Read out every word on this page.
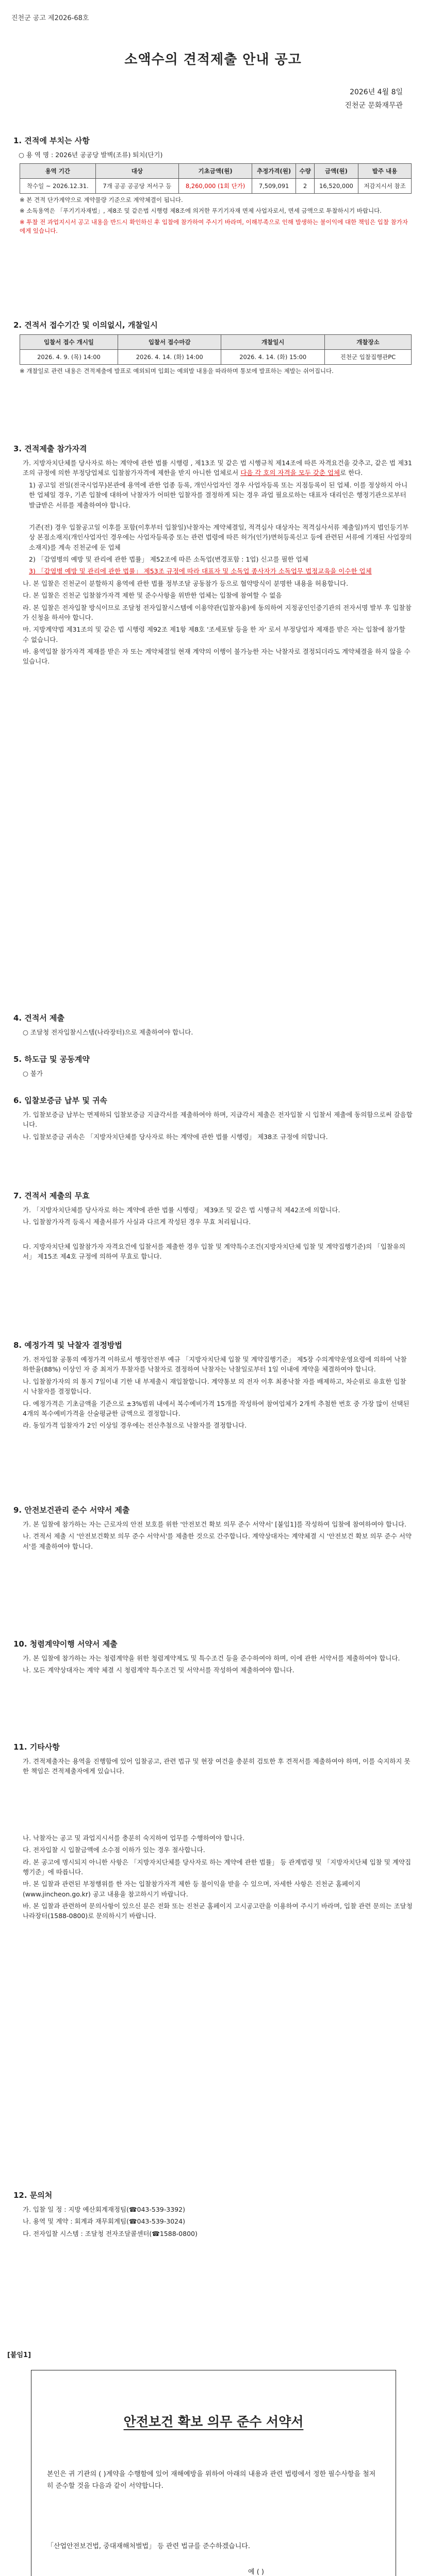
진천군 공고 제2026-68호
소액수의 견적제출 안내 공고
2026년 4월 8일
진천군 문화재무관
1. 견적에 부치는 사항
○ 용 역 명 : 2026년 공공당 발벽(조류) 퇴치(단기)
용역 기간	대상	기초금액(원)	추정가격(원)	수량	금액(원)	발주 내용
착수일 ~ 2026.12.31.	7개 공공 공공당 저서구 등	8,260,000 (1회 단가)	7,509,091	2	16,520,000	저감지시서 참조
※ 본 견적 단가계약으로 계약물량 기준으로 계약체결이 됩니다.
※ 소독용역은 「푸기기자재법」, 제8조 및 같은법 시행령 제8조에 의거한 푸기기자재 면제 사업자로서, 면세 금액으로 투찰하시기 바랍니다.
※ 투찰 전 과업지시서 공고 내용을 반드시 확인하신 후 입찰에 참가하여 주시기 바라며, 이해부족으로 인해 발생하는 불이익에 대한 책임은 입찰 참가자에게 있습니다.
2. 견적서 접수기간 및 이의없시, 개찰일시
입찰서 접수 개시일	입찰서 접수마감	개찰일시	개찰장소
2026. 4. 9. (목) 14:00	2026. 4. 14. (화) 14:00	2026. 4. 14. (화) 15:00	진천군 입찰집행관PC
※ 개찰일로 관련 내용은 견적제출에 발표로 예외되며 입회는 예외발 내용을 따라하며 통보에 발표하는 제발는 쉬어집니다.
3. 견적제출 참가자격
가. 지방자치단체를 당사자로 하는 계약에 관한 법률 시행령 , 제13조 및 같은 법 시행규칙 제14조에 따른 자격요건을 갖추고, 같은 법 제31조의 규정에 의한 부정당업체로 입찰참가자격에 제한을 받지 아니한 업체로서 다음 각 호의 자격을 모두 갖춘 업체로 한다.
1) 공고일 전일(전국시업무)본관에 용역에 관한 업종 등록, 개인사업자인 경우 사업자등록 또는 지점등록이 된 업체. 이를 정상하지 아니한 업체일 경우, 기존 입찰에 대하여 낙찰자가 어떠한 입찰자를 결정하게 되는 경우 과업 필요로하는 대표자 대리인은 행정기관으로부터 발급받은 서류를 제출하여야 합니다.
기존(전) 경우 입찰공고일 이후를 포함(이후부터 입찰일)낙찰자는 계약체결일, 적격심사 대상자는 적격심사서류 제출일)까지 법인등기부상 본점소재지(개인사업자인 경우에는 사업자등록증 또는 관련 법령에 따른 허가(인가)면허등록신고 등에 관련된 서류에 기재된 사업장의 소재지)를 계속 진천군에 둔 업체
2) 「감염병의 예방 및 관리에 관한 법률」 제52조에 따른 소독업(변경포함 : 1업) 신고를 필한 업체
3) 「감염병 예방 및 관리에 관한 법률」 제53조 규정에 따라 대표자 및 소독업 종사자가 소독업무 법정교육을 이수한 업체
나. 본 입찰은 진천군이 분할하지 용역에 관한 법률 정부조달 공동참가 등으로 협약방식이 분명한 내용을 허용합니다.
다. 본 입찰은 진천군 입찰참가자격 제한 및 준수사항을 위반한 업체는 입찰에 참여할 수 없음
라. 본 입찰은 전자입찰 방식이므로 조달청 전자입찰시스템에 이용약관(입찰자용)에 동의하여 지정공인인증기관의 전자서명 발부 후 입찰참가 신청을 하셔야 합니다.
마. 지방계약법 제31조의 및 같은 법 시행령 제92조 제1항 제8호 '조세포탈 등을 한 자' 로서 부정당업자 제재를 받은 자는 입찰에 참가할 수 없습니다.
바. 용역입찰 참가자격 제재를 받은 자 또는 계약체결일 현재 계약의 이행이 불가능한 자는 낙찰자로 결정되더라도 계약체결을 하지 않을 수 있습니다.
4. 견적서 제출
○ 조달청 전자입찰시스템(나라장터)으로 제출하여야 합니다.
5. 하도급 및 공동계약
○ 불가
6. 입찰보증금 납부 및 귀속
가. 입찰보증금 납부는 면제하되 입찰보증금 지급각서를 제출하여야 하며, 지급각서 제출은 전자입찰 시 입찰서 제출에 동의함으로써 갈음합니다.
나. 입찰보증금 귀속은 「지방자치단체를 당사자로 하는 계약에 관한 법률 시행령」 제38조 규정에 의합니다.
7. 견적서 제출의 무효
가. 「지방자치단체를 당사자로 하는 계약에 관한 법률 시행령」 제39조 및 같은 법 시행규칙 제42조에 의합니다.
나. 입찰참가자격 등록시 제출서류가 사실과 다르게 작성된 경우 무효 처리됩니다.
다. 지방자치단체 입찰참가자 자격요건에 입찰서를 제출한 경우 입찰 및 계약특수조건(지방자치단체 입찰 및 계약집행기준)의 「입찰유의서」 제15조 제4호 규정에 의하여 무효로 합니다.
8. 예정가격 및 낙찰자 결정방법
가. 전자입찰 공통의 예정가격 이하로서 행정안전부 예규 「지방자치단체 입찰 및 계약집행기준」 제5장 수의계약운영요령에 의하여 낙찰하한율(88%) 이상인 자 중 최저가 투찰자를 낙찰자로 결정하여 낙찰자는 낙찰일로부터 1일 이내에 계약을 체결하여야 합니다.
나. 입찰참가자의 의 통지 7일이내 기한 내 부제출시 재입찰합니다. 계약통보 의 전자 이후 최종낙찰 자를 배제하고, 차순위로 유효한 입찰 시 낙찰자를 결정합니다.
다. 예정가격은 기초금액을 기준으로 ±3%범위 내에서 복수예비가격 15개를 작성하여 참여업체가 2개씩 추첨한 번호 중 가장 많이 선택된 4개의 복수예비가격을 산술평균한 금액으로 결정합니다.
라. 동일가격 입찰자가 2인 이상일 경우에는 전산추첨으로 낙찰자를 결정합니다.
9. 안전보건관리 준수 서약서 제출
가. 본 입찰에 참가하는 자는 근로자의 안전 보호를 위한 '안전보건 확보 의무 준수 서약서' [붙임1]를 작성하여 입찰에 참여하여야 합니다.
나. 견적서 제출 시 '안전보건확보 의무 준수 서약서'를 제출한 것으로 간주합니다. 계약상대자는 계약체결 시 '안전보건 확보 의무 준수 서약서'를 제출하여야 합니다.
10. 청렴계약이행 서약서 제출
가. 본 입찰에 참가하는 자는 청렴계약을 위한 청렴계약제도 및 특수조건 등을 준수하여야 하며, 이에 관한 서약서를 제출하여야 합니다.
나. 모든 계약상대자는 계약 체결 시 청렴계약 특수조건 및 서약서를 작성하여 제출하여야 합니다.
11. 기타사항
가. 견적제출자는 용역을 진행함에 있어 입찰공고, 관련 법규 및 현장 여건을 충분히 검토한 후 견적서를 제출하여야 하며, 이를 숙지하지 못한 책임은 견적제출자에게 있습니다.
나. 낙찰자는 공고 및 과업지시서를 충분히 숙지하여 업무를 수행하여야 합니다.
다. 전자입찰 시 입찰금액에 소수점 이하가 있는 경우 절사합니다.
라. 본 공고에 명시되지 아니한 사항은 「지방자치단체를 당사자로 하는 계약에 관한 법률」 등 관계법령 및 「지방자치단체 입찰 및 계약집행기준」에 따릅니다.
마. 본 입찰과 관련된 부정행위를 한 자는 입찰참가자격 제한 등 불이익을 받을 수 있으며, 자세한 사항은 진천군 홈페이지(www.jincheon.go.kr) 공고 내용을 참고하시기 바랍니다.
바. 본 입찰과 관련하여 문의사항이 있으신 분은 전화 또는 진천군 홈페이지 고시공고란을 이용하여 주시기 바라며, 입찰 관련 문의는 조달청 나라장터(1588-0800)로 문의하시기 바랍니다.
12. 문의처
가. 입찰 일 정 : 지방 예산회계재정팀(☎043-539-3392)
나. 용역 및 계약 : 회계과 재무회계팀(☎043-539-3024)
다. 전자입찰 시스템 : 조달청 전자조달콜센터(☎1588-0800)
[붙임1]
안전보건 확보 의무 준수 서약서
본인은 귀 기관의 ( )계약을 수행함에 있어 재해예방을 위하여 아래의 내용과 관련 법령에서 정한 필수사항을 철저히 준수할 것을 다음과 같이 서약합니다.
「산업안전보건법, 중대재해처벌법」 등 관련 법규를 준수하겠습니다.
예 ( )
